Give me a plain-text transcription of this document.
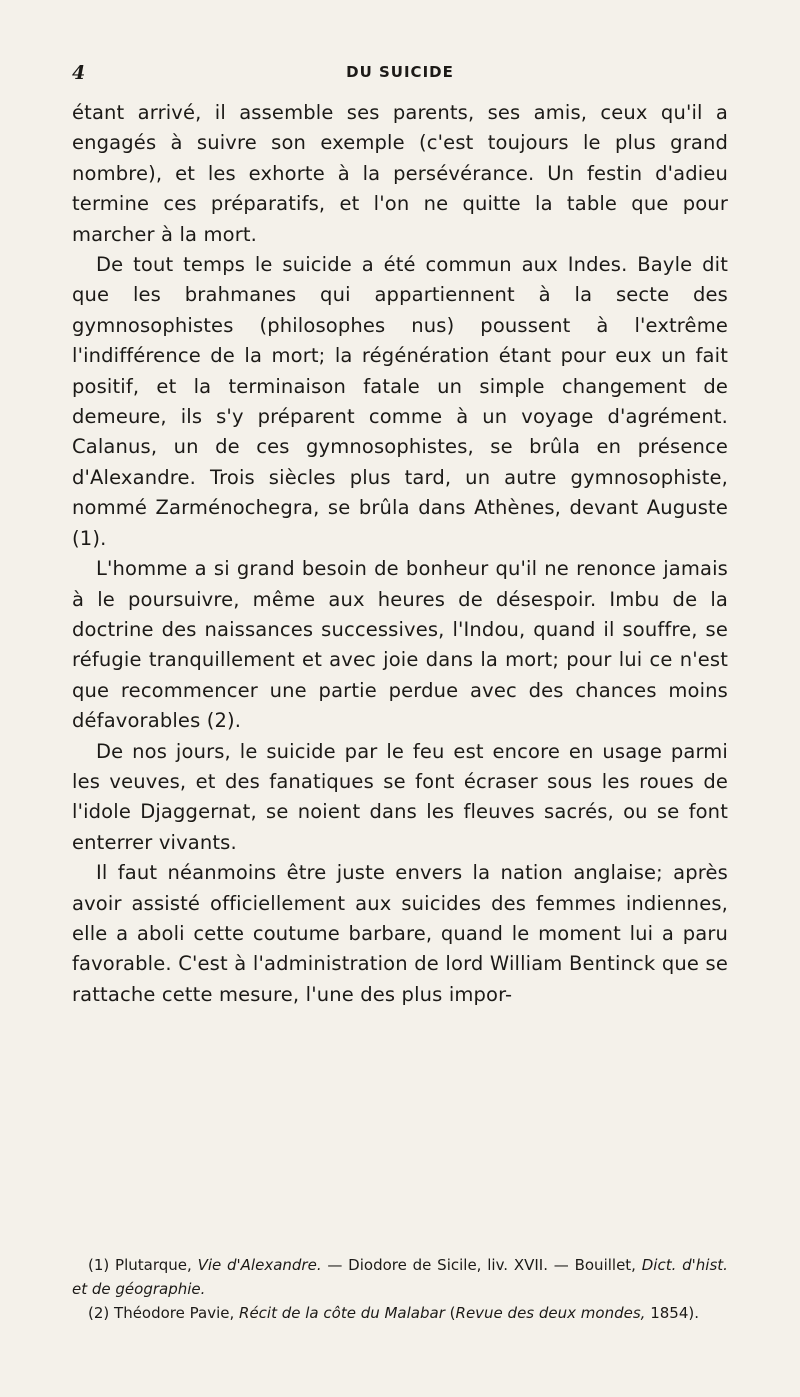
4	DU SUICIDE

étant arrivé, il assemble ses parents, ses amis, ceux qu'il a engagés à suivre son exemple (c'est toujours le plus grand nombre), et les exhorte à la persévérance. Un festin d'adieu termine ces préparatifs, et l'on ne quitte la table que pour marcher à la mort.

De tout temps le suicide a été commun aux Indes. Bayle dit que les brahmanes qui appartiennent à la secte des gymnosophistes (philosophes nus) poussent à l'extrême l'indifférence de la mort; la régénération étant pour eux un fait positif, et la terminaison fatale un simple changement de demeure, ils s'y préparent comme à un voyage d'agrément. Calanus, un de ces gymnosophistes, se brûla en présence d'Alexandre. Trois siècles plus tard, un autre gymnosophiste, nommé Zarménochegra, se brûla dans Athènes, devant Auguste (1).

L'homme a si grand besoin de bonheur qu'il ne renonce jamais à le poursuivre, même aux heures de désespoir. Imbu de la doctrine des naissances successives, l'Indou, quand il souffre, se réfugie tranquillement et avec joie dans la mort; pour lui ce n'est que recommencer une partie perdue avec des chances moins défavorables (2).

De nos jours, le suicide par le feu est encore en usage parmi les veuves, et des fanatiques se font écraser sous les roues de l'idole Djaggernat, se noient dans les fleuves sacrés, ou se font enterrer vivants.

Il faut néanmoins être juste envers la nation anglaise; après avoir assisté officiellement aux suicides des femmes indiennes, elle a aboli cette coutume barbare, quand le moment lui a paru favorable. C'est à l'administration de lord William Bentinck que se rattache cette mesure, l'une des plus impor-

(1) Plutarque, Vie d'Alexandre. — Diodore de Sicile, liv. XVII. — Bouillet, Dict. d'hist. et de géographie.

(2) Théodore Pavie, Récit de la côte du Malabar (Revue des deux mondes, 1854).
